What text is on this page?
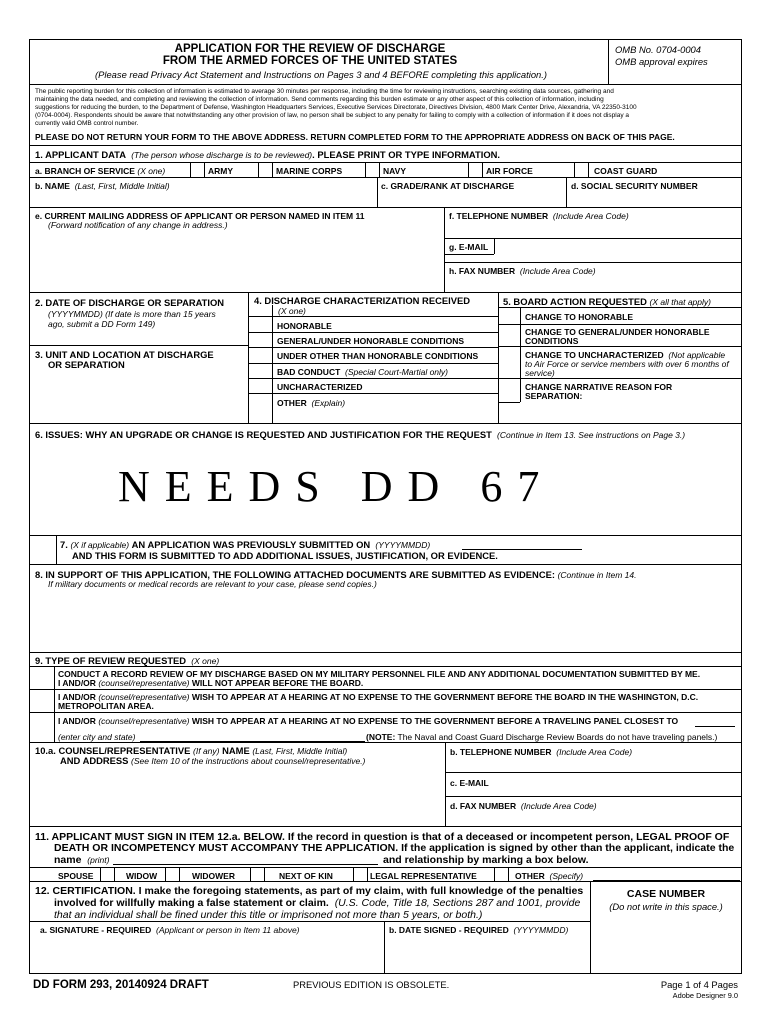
APPLICATION FOR THE REVIEW OF DISCHARGE
FROM THE ARMED FORCES OF THE UNITED STATES
(Please read Privacy Act Statement and Instructions on Pages 3 and 4 BEFORE completing this application.)
OMB No. 0704-0004
OMB approval expires
The public reporting burden for this collection of information is estimated to average 30 minutes per response, including the time for reviewing instructions, searching existing data sources, gathering and
maintaining the data needed, and completing and reviewing the collection of information. Send comments regarding this burden estimate or any other aspect of this collection of information, including
suggestions for reducing the burden, to the Department of Defense, Washington Headquarters Services, Executive Services Directorate, Directives Division, 4800 Mark Center Drive, Alexandria, VA 22350-3100
(0704-0004). Respondents should be aware that notwithstanding any other provision of law, no person shall be subject to any penalty for failing to comply with a collection of information if it does not display a
currently valid OMB control number.
PLEASE DO NOT RETURN YOUR FORM TO THE ABOVE ADDRESS. RETURN COMPLETED FORM TO THE APPROPRIATE ADDRESS ON BACK OF THIS PAGE.
1. APPLICANT DATA (The person whose discharge is to be reviewed). PLEASE PRINT OR TYPE INFORMATION.
a. BRANCH OF SERVICE (X one)	ARMY	MARINE CORPS	NAVY	AIR FORCE	COAST GUARD
b. NAME (Last, First, Middle Initial)	c. GRADE/RANK AT DISCHARGE	d. SOCIAL SECURITY NUMBER
e. CURRENT MAILING ADDRESS OF APPLICANT OR PERSON NAMED IN ITEM 11
(Forward notification of any change in address.)
f. TELEPHONE NUMBER (Include Area Code)
g. E-MAIL
h. FAX NUMBER (Include Area Code)
2. DATE OF DISCHARGE OR SEPARATION
(YYYYMMDD) (If date is more than 15 years
ago, submit a DD Form 149)
3. UNIT AND LOCATION AT DISCHARGE
OR SEPARATION
4. DISCHARGE CHARACTERIZATION RECEIVED
(X one)
HONORABLE
GENERAL/UNDER HONORABLE CONDITIONS
UNDER OTHER THAN HONORABLE CONDITIONS
BAD CONDUCT (Special Court-Martial only)
UNCHARACTERIZED
OTHER (Explain)
5. BOARD ACTION REQUESTED (X all that apply)
CHANGE TO HONORABLE
CHANGE TO GENERAL/UNDER HONORABLE
CONDITIONS
CHANGE TO UNCHARACTERIZED (Not applicable
to Air Force or service members with over 6 months of
service)
CHANGE NARRATIVE REASON FOR
SEPARATION:
6. ISSUES: WHY AN UPGRADE OR CHANGE IS REQUESTED AND JUSTIFICATION FOR THE REQUEST (Continue in Item 13. See instructions on Page 3.)
N E E D S   D D   6 7
7. (X if applicable) AN APPLICATION WAS PREVIOUSLY SUBMITTED ON (YYYYMMDD)
AND THIS FORM IS SUBMITTED TO ADD ADDITIONAL ISSUES, JUSTIFICATION, OR EVIDENCE.
8. IN SUPPORT OF THIS APPLICATION, THE FOLLOWING ATTACHED DOCUMENTS ARE SUBMITTED AS EVIDENCE: (Continue in Item 14.
If military documents or medical records are relevant to your case, please send copies.)
9. TYPE OF REVIEW REQUESTED (X one)
CONDUCT A RECORD REVIEW OF MY DISCHARGE BASED ON MY MILITARY PERSONNEL FILE AND ANY ADDITIONAL DOCUMENTATION SUBMITTED BY ME.
I AND/OR (counsel/representative) WILL NOT APPEAR BEFORE THE BOARD.
I AND/OR (counsel/representative) WISH TO APPEAR AT A HEARING AT NO EXPENSE TO THE GOVERNMENT BEFORE THE BOARD IN THE WASHINGTON, D.C.
METROPOLITAN AREA.
I AND/OR (counsel/representative) WISH TO APPEAR AT A HEARING AT NO EXPENSE TO THE GOVERNMENT BEFORE A TRAVELING PANEL CLOSEST TO
(enter city and state)	(NOTE: The Naval and Coast Guard Discharge Review Boards do not have traveling panels.)
10.a. COUNSEL/REPRESENTATIVE (If any) NAME (Last, First, Middle Initial)
AND ADDRESS (See Item 10 of the instructions about counsel/representative.)
b. TELEPHONE NUMBER (Include Area Code)
c. E-MAIL
d. FAX NUMBER (Include Area Code)
11. APPLICANT MUST SIGN IN ITEM 12.a. BELOW. If the record in question is that of a deceased or incompetent person, LEGAL PROOF OF
DEATH OR INCOMPETENCY MUST ACCOMPANY THE APPLICATION. If the application is signed by other than the applicant, indicate the
name (print)	and relationship by marking a box below.
SPOUSE	WIDOW	WIDOWER	NEXT OF KIN	LEGAL REPRESENTATIVE	OTHER (Specify)
12. CERTIFICATION. I make the foregoing statements, as part of my claim, with full knowledge of the penalties
involved for willfully making a false statement or claim. (U.S. Code, Title 18, Sections 287 and 1001, provide
that an individual shall be fined under this title or imprisoned not more than 5 years, or both.)
CASE NUMBER
(Do not write in this space.)
a. SIGNATURE - REQUIRED (Applicant or person in Item 11 above)	b. DATE SIGNED - REQUIRED (YYYYMMDD)
DD FORM 293, 20140924 DRAFT	PREVIOUS EDITION IS OBSOLETE.	Page 1 of 4 Pages
Adobe Designer 9.0
